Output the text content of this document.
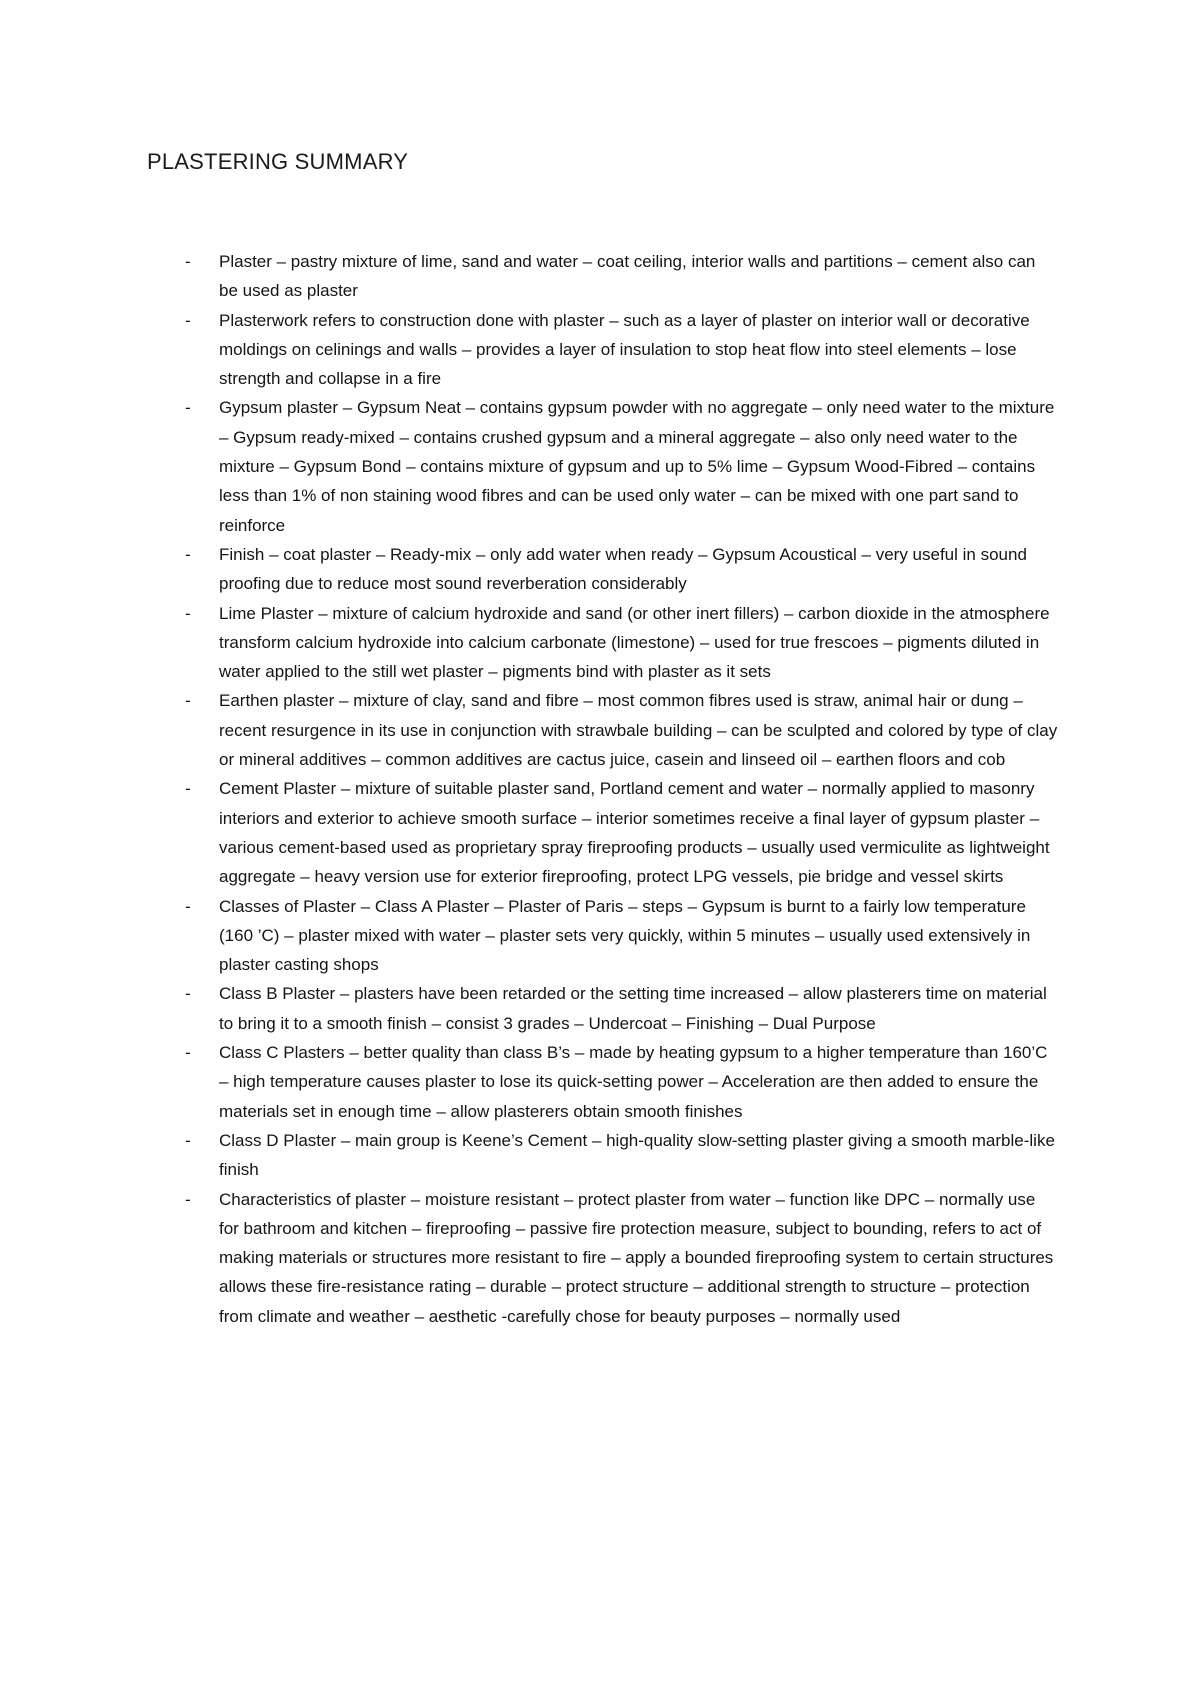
PLASTERING SUMMARY
- Plaster – pastry mixture of lime, sand and water – coat ceiling, interior walls and partitions – cement also can be used as plaster
- Plasterwork refers to construction done with plaster – such as a layer of plaster on interior wall or decorative moldings on celinings and walls – provides a layer of insulation to stop heat flow into steel elements – lose strength and collapse in a fire
- Gypsum plaster – Gypsum Neat – contains gypsum powder with no aggregate – only need water to the mixture – Gypsum ready-mixed – contains crushed gypsum and a mineral aggregate – also only need water to the mixture – Gypsum Bond – contains mixture of gypsum and up to 5% lime – Gypsum Wood-Fibred – contains less than 1% of non staining wood fibres and can be used only water – can be mixed with one part sand to reinforce
- Finish – coat plaster – Ready-mix – only add water when ready – Gypsum Acoustical – very useful in sound proofing due to reduce most sound reverberation considerably
- Lime Plaster – mixture of calcium hydroxide and sand (or other inert fillers) – carbon dioxide in the atmosphere transform calcium hydroxide into calcium carbonate (limestone) – used for true frescoes – pigments diluted in water applied to the still wet plaster – pigments bind with plaster as it sets
- Earthen plaster – mixture of clay, sand and fibre – most common fibres used is straw, animal hair or dung – recent resurgence in its use in conjunction with strawbale building – can be sculpted and colored by type of clay or mineral additives – common additives are cactus juice, casein and linseed oil – earthen floors and cob
- Cement Plaster – mixture of suitable plaster sand, Portland cement and water – normally applied to masonry interiors and exterior to achieve smooth surface – interior sometimes receive a final layer of gypsum plaster – various cement-based used as proprietary spray fireproofing products – usually used vermiculite as lightweight aggregate – heavy version use for exterior fireproofing, protect LPG vessels, pie bridge and vessel skirts
- Classes of Plaster – Class A Plaster – Plaster of Paris – steps – Gypsum is burnt to a fairly low temperature (160 ’C) – plaster mixed with water – plaster sets very quickly, within 5 minutes – usually used extensively in plaster casting shops
- Class B Plaster – plasters have been retarded or the setting time increased – allow plasterers time on material to bring it to a smooth finish – consist 3 grades – Undercoat – Finishing – Dual Purpose
- Class C Plasters – better quality than class B’s – made by heating gypsum to a higher temperature than 160’C – high temperature causes plaster to lose its quick-setting power – Acceleration are then added to ensure the materials set in enough time – allow plasterers obtain smooth finishes
- Class D Plaster – main group is Keene’s Cement – high-quality slow-setting plaster giving a smooth marble-like finish
- Characteristics of plaster – moisture resistant – protect plaster from water – function like DPC – normally use for bathroom and kitchen – fireproofing – passive fire protection measure, subject to bounding, refers to act of making materials or structures more resistant to fire – apply a bounded fireproofing system to certain structures allows these fire-resistance rating – durable – protect structure – additional strength to structure – protection from climate and weather – aesthetic -carefully chose for beauty purposes – normally used
